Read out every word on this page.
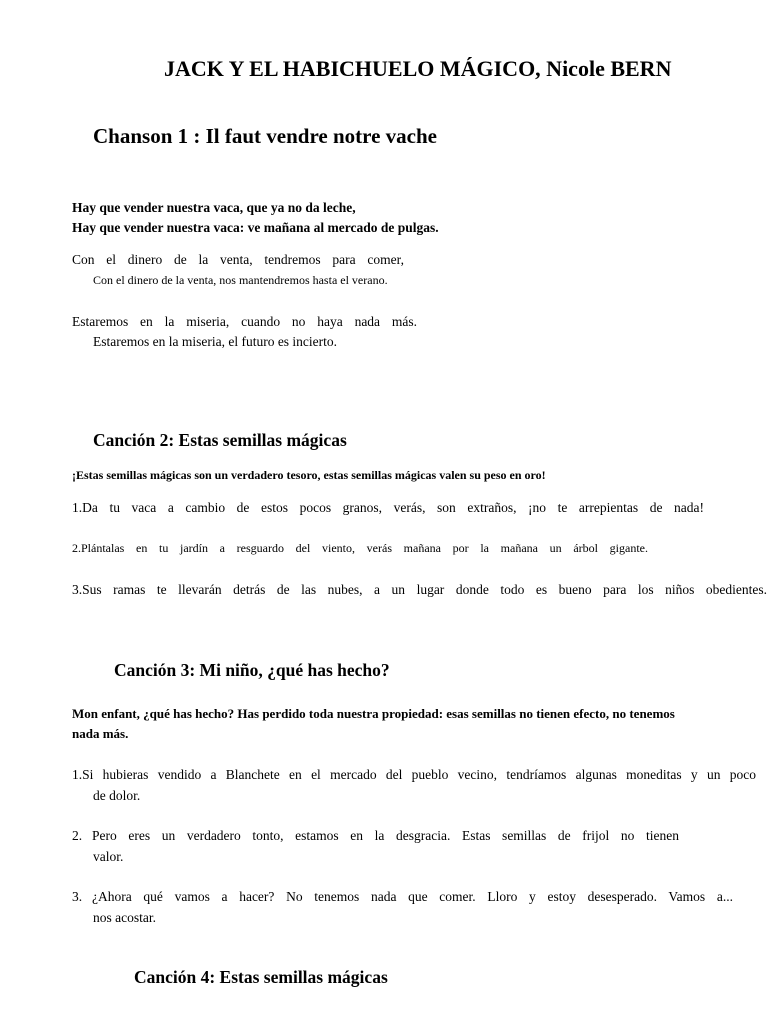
JACK Y EL HABICHUELO MÁGICO, Nicole BERN
Chanson 1 : Il faut vendre notre vache
Hay que vender nuestra vaca, que ya no da leche,
Hay que vender nuestra vaca: ve mañana al mercado de pulgas.
Con el dinero de la venta, tendremos para comer,
Con el dinero de la venta, nos mantendremos hasta el verano.
Estaremos en la miseria, cuando no haya nada más.
Estaremos en la miseria, el futuro es incierto.
Canción 2: Estas semillas mágicas
¡Estas semillas mágicas son un verdadero tesoro, estas semillas mágicas valen su peso en oro!
1.Da tu vaca a cambio de estos pocos granos, verás, son extraños, ¡no te arrepientas de nada!
2.Plántalas en tu jardín a resguardo del viento, verás mañana por la mañana un árbol gigante.
3.Sus ramas te llevarán detrás de las nubes, a un lugar donde todo es bueno para los niños obedientes.
Canción 3: Mi niño, ¿qué has hecho?
Mon enfant, ¿qué has hecho? Has perdido toda nuestra propiedad: esas semillas no tienen efecto, no tenemos
nada más.
1.Si hubieras vendido a Blanchete en el mercado del pueblo vecino, tendríamos algunas moneditas y un poco
de dolor.
2. Pero eres un verdadero tonto, estamos en la desgracia. Estas semillas de frijol no tienen
valor.
3. ¿Ahora qué vamos a hacer? No tenemos nada que comer. Lloro y estoy desesperado. Vamos a...
nos acostar.
Canción 4: Estas semillas mágicas
